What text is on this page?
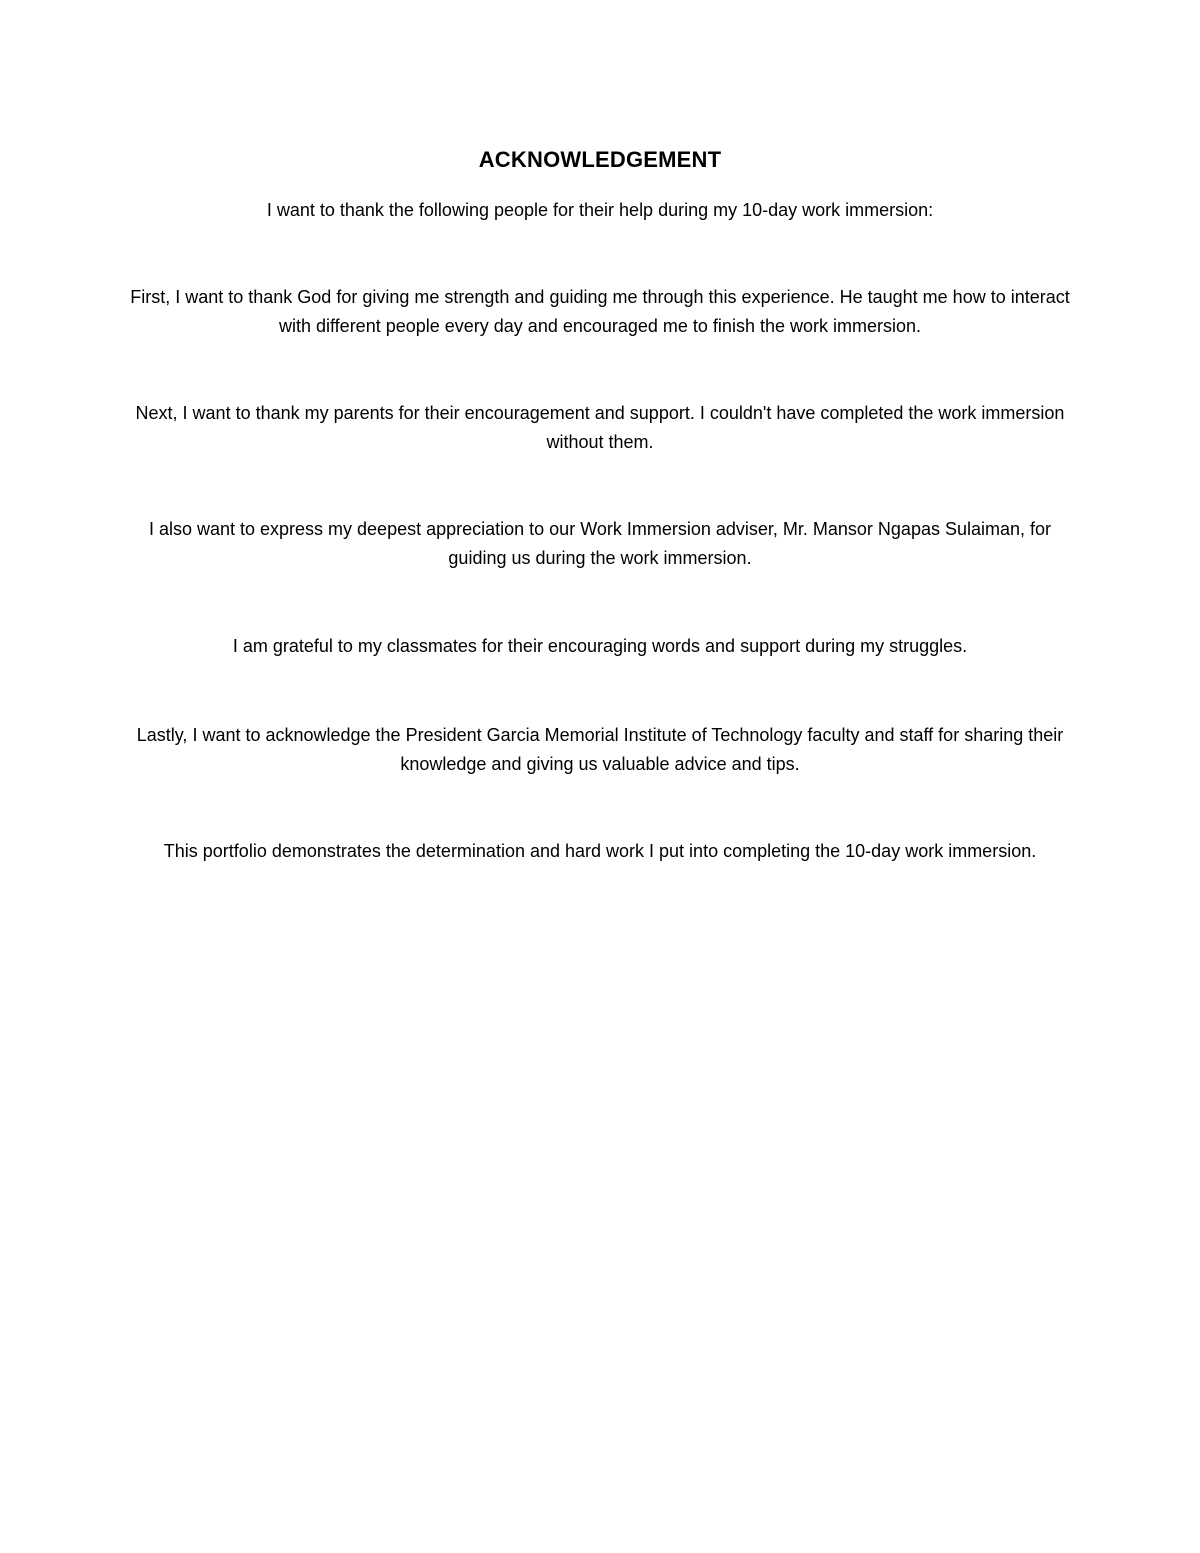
ACKNOWLEDGEMENT

I want to thank the following people for their help during my 10-day work immersion:

First, I want to thank God for giving me strength and guiding me through this experience. He taught me how to interact with different people every day and encouraged me to finish the work immersion.

Next, I want to thank my parents for their encouragement and support. I couldn't have completed the work immersion without them.

I also want to express my deepest appreciation to our Work Immersion adviser, Mr. Mansor Ngapas Sulaiman, for guiding us during the work immersion.

I am grateful to my classmates for their encouraging words and support during my struggles.

Lastly, I want to acknowledge the President Garcia Memorial Institute of Technology faculty and staff for sharing their knowledge and giving us valuable advice and tips.

This portfolio demonstrates the determination and hard work I put into completing the 10-day work immersion.
